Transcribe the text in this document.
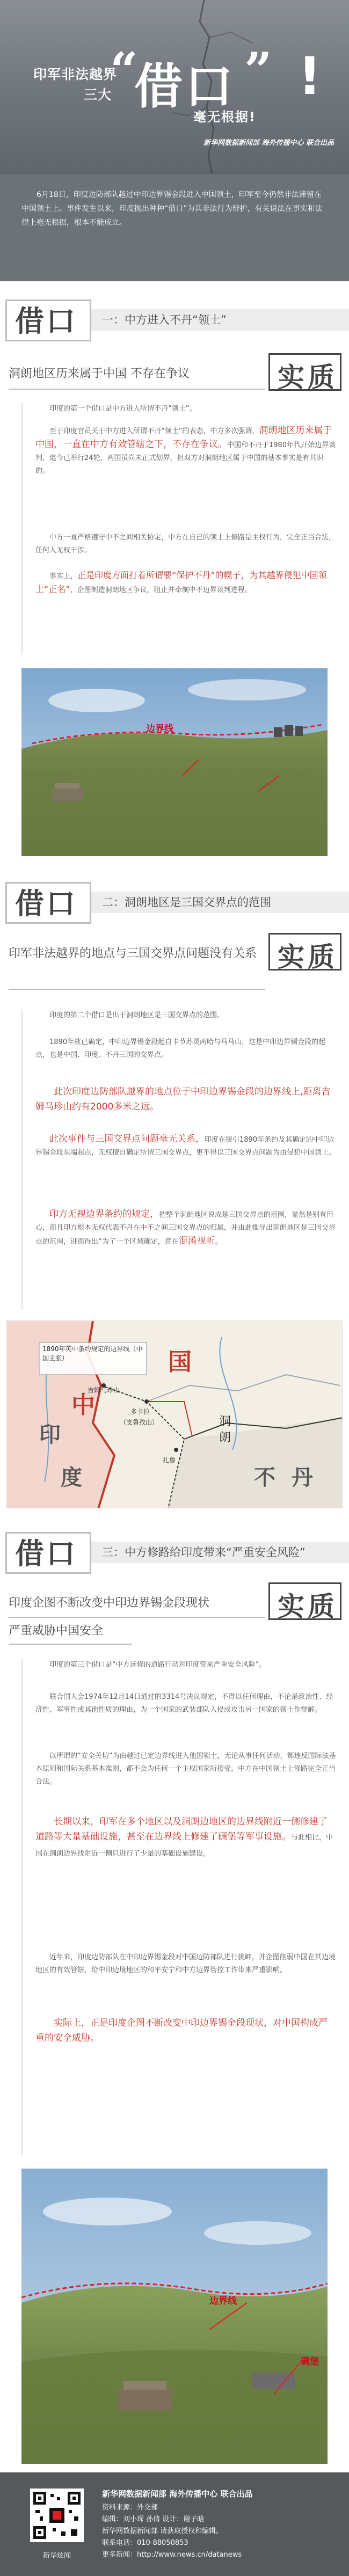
印军非法越界

三大
“
借口 ” !
毫无根据!
新华网数据新闻部 海外传播中心 联合出品

6月18日，印度边防部队越过中印边界锡金段进入中国领土，印军至今仍然非法滞留在中国领土上。事件发生以来，印度抛出种种“借口”为其非法行为辩护，有关说法在事实和法律上毫无根据，根本不能成立。

借口 一：中方进入不丹“领土”
洞朗地区历来属于中国 不存在争议	实质

印度的第一个借口是中方进入所谓不丹“领土”。

至于印度官员关于中方进入所谓不丹“领土”的表态，中方多次强调，洞朗地区历来属于中国，一直在中方有效管辖之下，不存在争议。中国和不丹于1980年代开始边界谈判，迄今已举行24轮，两国虽尚未正式划界，但双方对洞朗地区属于中国的基本事实是有共识的。

中方一直严格遵守中不之间相关协定，中方在自己的领土上修路是主权行为，完全正当合法，任何人无权干涉。

事实上，正是印度方面打着所谓要“保护不丹”的幌子，为其越界侵犯中国领土“正名”，企图制造洞朗地区争议，阻止并牵制中不边界谈判进程。

边界线
借口 二：洞朗地区是三国交界点的范围
印军非法越界的地点与三国交界点问题没有关系 实质

印度的第二个借口是出于洞朗地区是三国交界点的范围。

1890年就已确定，中印边界锡金段起自卡节苏灵两哈与马马山，这是中印边界锡金段的起点，也是中国、印度、不丹三国的交界点。

此次印度边防部队越界的地点位于中印边界锡金段的边界线上,距离吉姆马珍山约有2000多米之远。

此次事件与三国交界点问题毫无关系，印度在援引1890年条约及其确定的中印边界锡金段东端起点，无权擅自确定所谓三国交界点，更不得以三国交界点问题为由侵犯中国领土。

印方无视边界条约的规定，把整个洞朗地区说成是三国交界点的范围，显然是别有用心，而且印方根本无权代表不丹在中不之间三国交界点的归属，并由此推导出洞朗地区是三国交界点的范围，进而得出“为了一个区域确定，意在混淆视听。

中
国
印
度	不 丹
洞
朗
1890年英中条约规定的边界线（中国主张）
吉姆马珍山
多卡拉
（支鲁孜山）
扎鲁
借口 三：中方修路给印度带来“严重安全风险”
印度企图不断改变中印边界锡金段现状
严重威胁中国安全
实质

印度的第三个借口是“中方远修的道路行动对印度带来严重安全风险”。

联合国大会1974年12月14日通过的3314号决议规定，不得以任何理由，不论是政治性、经济性、军事性或其他性质的理由，为一个国家的武装部队入侵或攻击另一国家的领土作辩解。

以所谓的“安全关切”为由越过已定边界线进入他国领土，无论从事任何活动，都违反国际法基本原则和国际关系基本准则，都不会为任何一个主权国家所接受。中方在中国领土上修路完全正当合法。

长期以来，印军在多个地区以及洞朗边地区的边界线附近一侧修建了道路等大量基础设施，甚至在边界线上修建了碉堡等军事设施。与此相比，中国在洞朗边界线附近一侧只进行了少量的基础设施建设。

近年来，印度边防部队在中印边界锡金段对中国边防部队进行挑衅，并企图削弱中国在其边境地区的有效管辖，给中印边境地区的和平安宁和中方边界管控工作带来严重影响。

实际上，正是印度企图不断改变中印边界锡金段现状，对中国构成严重的安全威胁。

边界线
碉堡
新华炫闻
新华网数据新闻部 海外传播中心 联合出品
资料来源：外交部
编辑：刘小琛 孙倩 设计：谢子晗
新华网数据新闻部 请获取授权和编辑。
联系电话：010-88050853
更多新闻：http://www.news.cn/datanews
